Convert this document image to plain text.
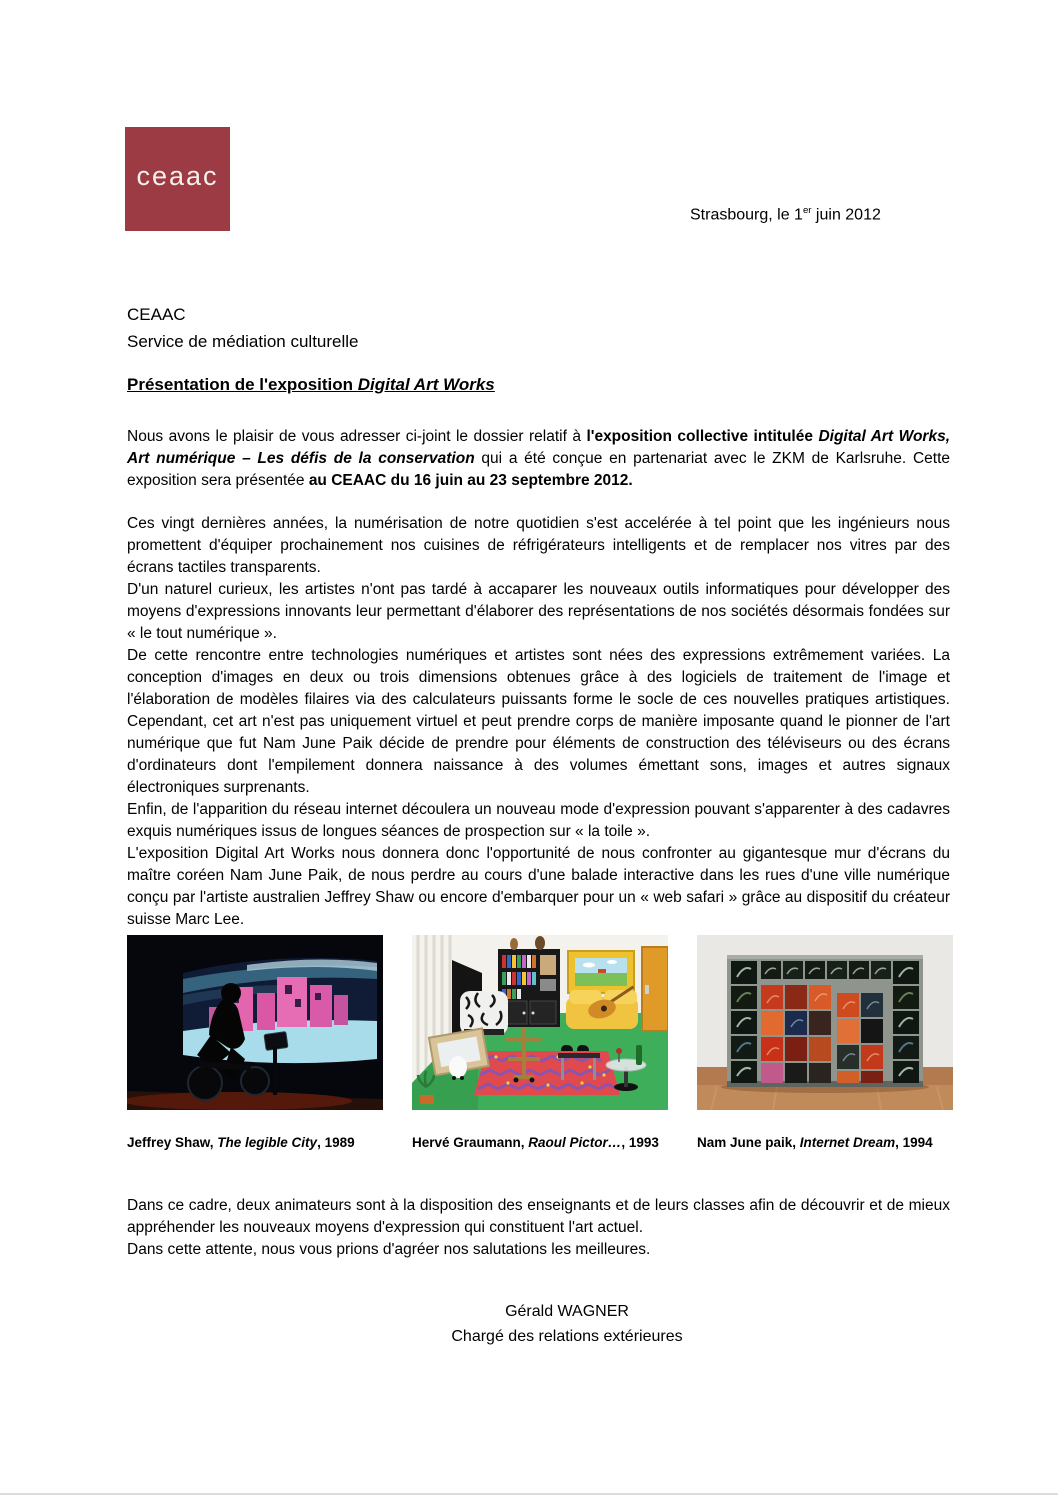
ceaac
Strasbourg, le 1er juin 2012
CEAAC
Service de médiation culturelle
Présentation de l'exposition Digital Art Works

Nous avons le plaisir de vous adresser ci-joint le dossier relatif à l'exposition collective intitulée Digital Art Works, Art numérique – Les défis de la conservation qui a été conçue en partenariat avec le ZKM de Karlsruhe. Cette exposition sera présentée au CEAAC du 16 juin au 23 septembre 2012.

Ces vingt dernières années, la numérisation de notre quotidien s'est accelérée à tel point que les ingénieurs nous promettent d'équiper prochainement nos cuisines de réfrigérateurs intelligents et de remplacer nos vitres par des écrans tactiles transparents.

D'un naturel curieux, les artistes n'ont pas tardé à accaparer les nouveaux outils informatiques pour développer des moyens d'expressions innovants leur permettant d'élaborer des représentations de nos sociétés désormais fondées sur « le tout numérique ».

De cette rencontre entre technologies numériques et artistes sont nées des expressions extrêmement variées. La conception d'images en deux ou trois dimensions obtenues grâce à des logiciels de traitement de l'image et l'élaboration de modèles filaires via des calculateurs puissants forme le socle de ces nouvelles pratiques artistiques. Cependant, cet art n'est pas uniquement virtuel et peut prendre corps de manière imposante quand le pionner de l'art numérique que fut Nam June Paik décide de prendre pour éléments de construction des téléviseurs ou des écrans d'ordinateurs dont l'empilement donnera naissance à des volumes émettant sons, images et autres signaux électroniques surprenants.

Enfin, de l'apparition du réseau internet découlera un nouveau mode d'expression pouvant s'apparenter à des cadavres exquis numériques issus de longues séances de prospection sur « la toile ».

L'exposition Digital Art Works nous donnera donc l'opportunité de nous confronter au gigantesque mur d'écrans du maître coréen Nam June Paik, de nous perdre au cours d'une balade interactive dans les rues d'une ville numérique conçu par l'artiste australien Jeffrey Shaw ou encore d'embarquer pour un « web safari » grâce au dispositif du créateur suisse Marc Lee.

Jeffrey Shaw, The legible City, 1989	Hervé Graumann, Raoul Pictor…, 1993	Nam June paik, Internet Dream, 1994

Dans ce cadre, deux animateurs sont à la disposition des enseignants et de leurs classes afin de découvrir et de mieux appréhender les nouveaux moyens d'expression qui constituent l'art actuel.

Dans cette attente, nous vous prions d'agréer nos salutations les meilleures.

Gérald WAGNER
Chargé des relations extérieures
